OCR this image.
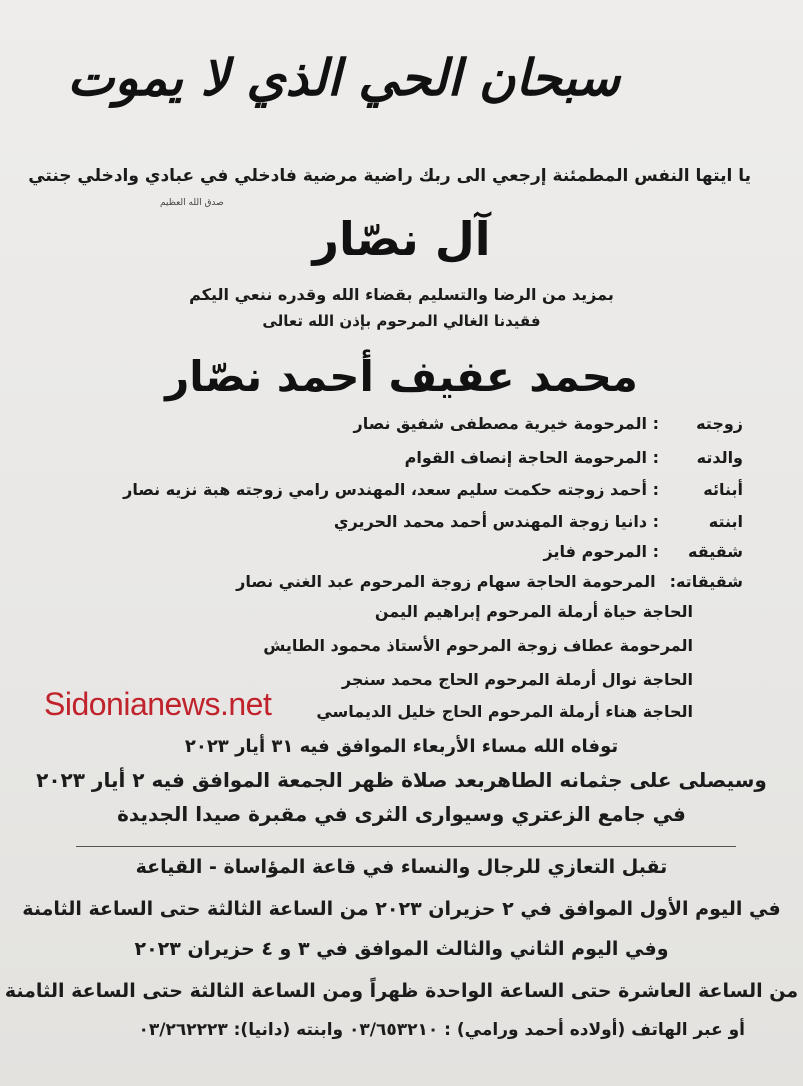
سبحان الحي الذي لا يموت
يا ايتها النفس المطمئنة إرجعي الى ربك راضية مرضية فادخلي في عبادي وادخلي جنتي
صدق الله العظيم
آل نصّار
بمزيد من الرضا والتسليم بقضاء الله وقدره ننعي اليكم
فقيدنا الغالي المرحوم بإذن الله تعالى
محمد عفيف أحمد نصّار
زوجته
: المرحومة خيرية مصطفى شفيق نصار
والدته
: المرحومة الحاجة إنصاف القوام
أبنائه
: أحمد زوجته حكمت سليم سعد، المهندس رامي زوجته هبة نزيه نصار
ابنته
: دانيا زوجة المهندس أحمد محمد الحريري
شقيقه
: المرحوم فايز
شقيقاته:
المرحومة الحاجة سهام زوجة المرحوم عبد الغني نصار
الحاجة حياة أرملة المرحوم إبراهيم اليمن
المرحومة عطاف زوجة المرحوم الأستاذ محمود الطايش
الحاجة نوال أرملة المرحوم الحاج محمد سنجر
الحاجة هناء أرملة المرحوم الحاج خليل الديماسي
Sidonianews.net
توفاه الله مساء الأربعاء الموافق فيه ٣١ أيار ٢٠٢٣
وسيصلى على جثمانه الطاهربعد صلاة ظهر الجمعة الموافق فيه ٢ أيار ٢٠٢٣
في جامع الزعتري وسيوارى الثرى في مقبرة صيدا الجديدة
تقبل التعازي للرجال والنساء في قاعة المؤاساة - القياعة
في اليوم الأول الموافق في ٢ حزيران ٢٠٢٣ من الساعة الثالثة حتى الساعة الثامنة
وفي اليوم الثاني والثالث الموافق في ٣ و ٤ حزيران ٢٠٢٣
من الساعة العاشرة حتى الساعة الواحدة ظهراً ومن الساعة الثالثة حتى الساعة الثامنة
أو عبر الهاتف (أولاده أحمد ورامي) : ٠٣/٦٥٣٢١٠ وابنته (دانيا): ٠٣/٢٦٢٢٢٣
